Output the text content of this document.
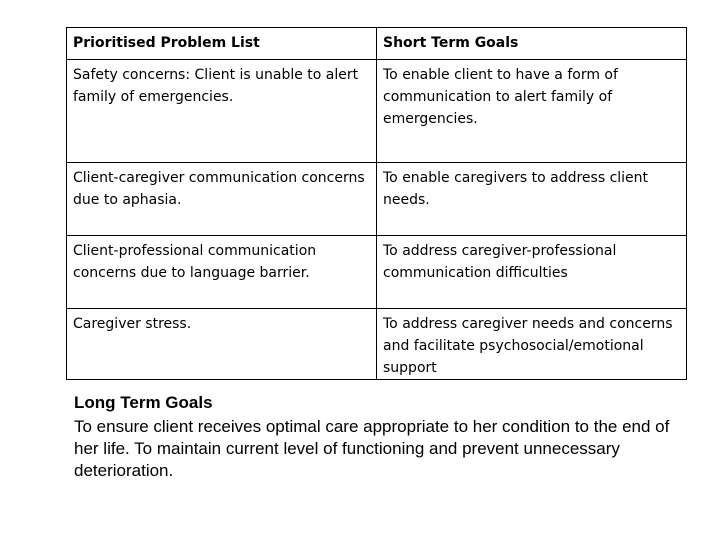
Prioritised Problem List	Short Term Goals
Safety concerns: Client is unable to alert family of emergencies.	To enable client to have a form of communication to alert family of emergencies.
Client-caregiver communication concerns due to aphasia.	To enable caregivers to address client needs.
Client-professional communication concerns due to language barrier.	To address caregiver-professional communication difficulties
Caregiver stress.	To address caregiver needs and concerns and facilitate psychosocial/emotional support

Long Term Goals

To ensure client receives optimal care appropriate to her condition to the end of her life. To maintain current level of functioning and prevent unnecessary deterioration.
